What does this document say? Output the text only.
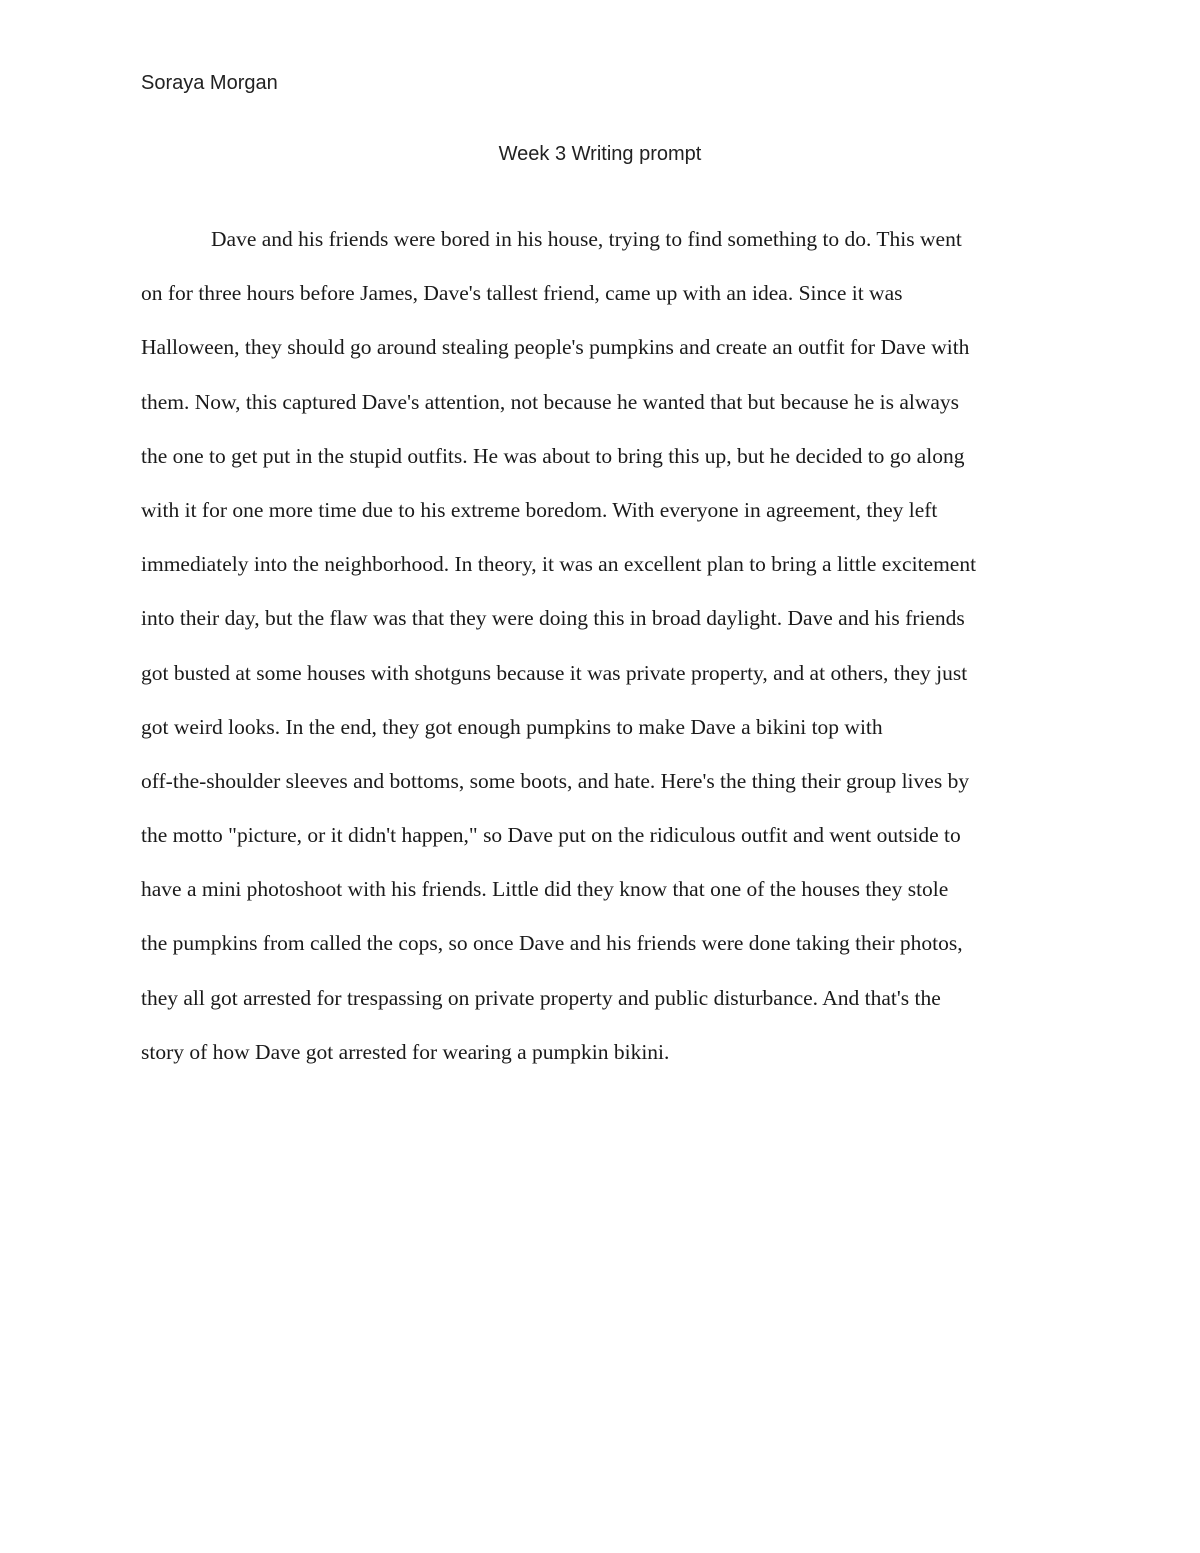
Soraya Morgan
Week 3 Writing prompt
Dave and his friends were bored in his house, trying to find something to do. This went
on for three hours before James, Dave's tallest friend, came up with an idea. Since it was
Halloween, they should go around stealing people's pumpkins and create an outfit for Dave with
them. Now, this captured Dave's attention, not because he wanted that but because he is always
the one to get put in the stupid outfits. He was about to bring this up, but he decided to go along
with it for one more time due to his extreme boredom. With everyone in agreement, they left
immediately into the neighborhood. In theory, it was an excellent plan to bring a little excitement
into their day, but the flaw was that they were doing this in broad daylight. Dave and his friends
got busted at some houses with shotguns because it was private property, and at others, they just
got weird looks. In the end, they got enough pumpkins to make Dave a bikini top with
off-the-shoulder sleeves and bottoms, some boots, and hate. Here's the thing their group lives by
the motto "picture, or it didn't happen," so Dave put on the ridiculous outfit and went outside to
have a mini photoshoot with his friends. Little did they know that one of the houses they stole
the pumpkins from called the cops, so once Dave and his friends were done taking their photos,
they all got arrested for trespassing on private property and public disturbance. And that's the
story of how Dave got arrested for wearing a pumpkin bikini.
